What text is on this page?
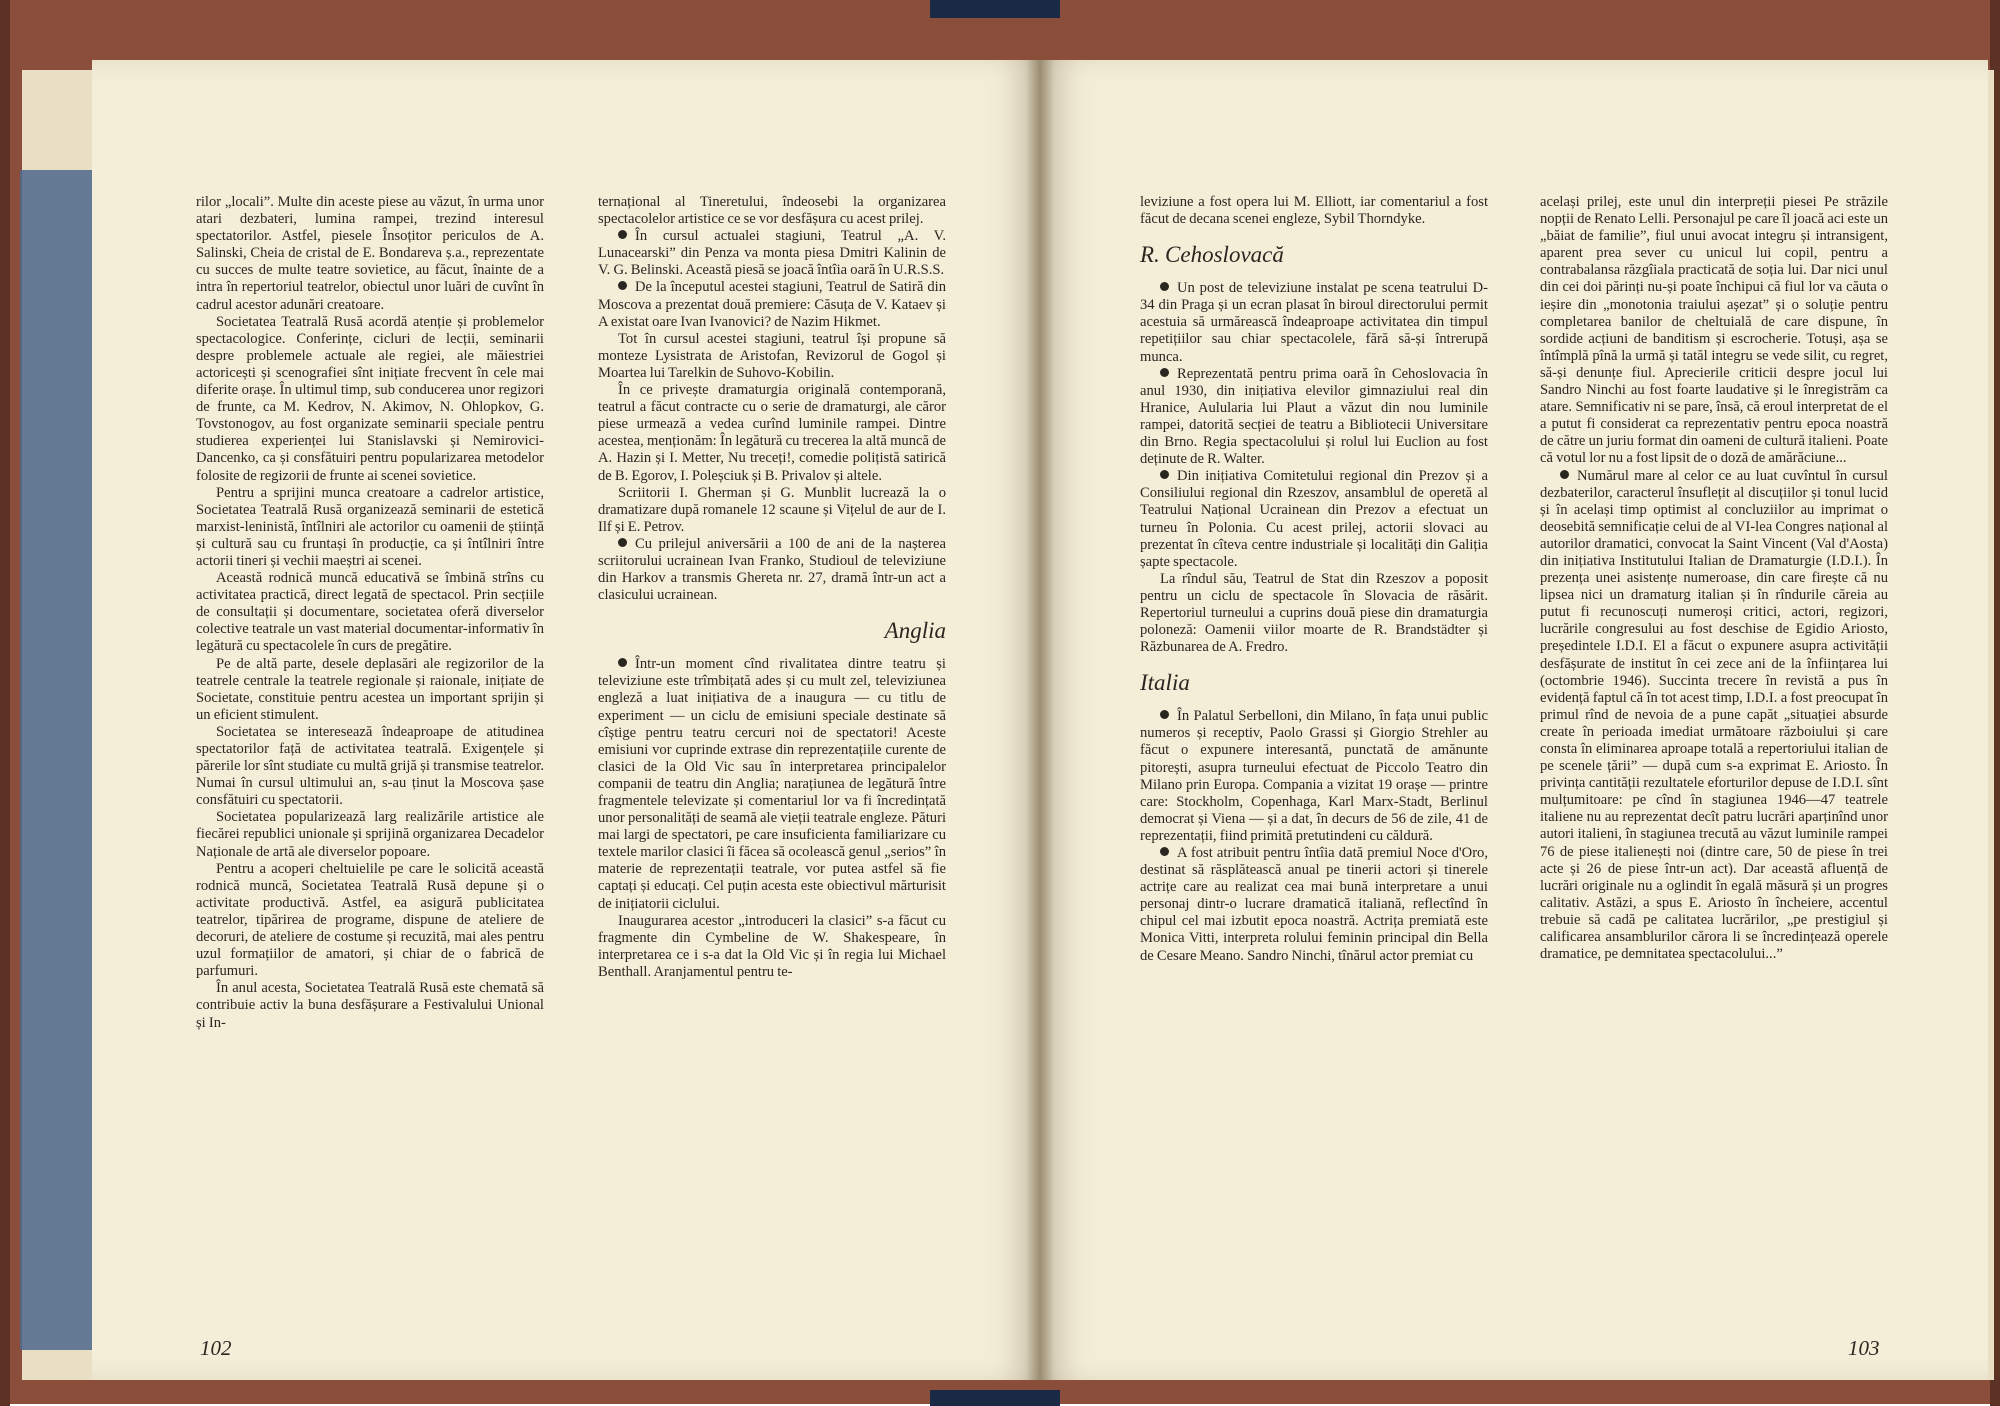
rilor „locali”. Multe din aceste piese au văzut, în urma unor atari dezbateri, lumina rampei, trezind interesul spectatorilor. Astfel, piesele Însoțitor periculos de A. Salinski, Cheia de cristal de E. Bondareva ș.a., reprezentate cu succes de multe teatre sovietice, au făcut, înainte de a intra în repertoriul teatrelor, obiectul unor luări de cuvînt în cadrul acestor adunări creatoare.

Societatea Teatrală Rusă acordă atenție și problemelor spectacologice. Conferințe, cicluri de lecții, seminarii despre problemele actuale ale regiei, ale măiestriei actoricești și scenografiei sînt inițiate frecvent în cele mai diferite orașe. În ultimul timp, sub conducerea unor regizori de frunte, ca M. Kedrov, N. Akimov, N. Ohlopkov, G. Tovstonogov, au fost organizate seminarii speciale pentru studierea experienței lui Stanislavski și Nemirovici-Dancenko, ca și consfătuiri pentru popularizarea metodelor folosite de regizorii de frunte ai scenei sovietice.

Pentru a sprijini munca creatoare a cadrelor artistice, Societatea Teatrală Rusă organizează seminarii de estetică marxist-leninistă, întîlniri ale actorilor cu oamenii de știință și cultură sau cu fruntași în producție, ca și întîlniri între actorii tineri și vechii maeștri ai scenei.

Această rodnică muncă educativă se îmbină strîns cu activitatea practică, direct legată de spectacol. Prin secțiile de consultații și documentare, societatea oferă diverselor colective teatrale un vast material documentar-informativ în legătură cu spectacolele în curs de pregătire.

Pe de altă parte, desele deplasări ale regizorilor de la teatrele centrale la teatrele regionale și raionale, inițiate de Societate, constituie pentru acestea un important sprijin și un eficient stimulent.

Societatea se interesează îndeaproape de atitudinea spectatorilor față de activitatea teatrală. Exigențele și părerile lor sînt studiate cu multă grijă și transmise teatrelor. Numai în cursul ultimului an, s-au ținut la Moscova șase consfătuiri cu spectatorii.

Societatea popularizează larg realizările artistice ale fiecărei republici unionale și sprijină organizarea Decadelor Naționale de artă ale diverselor popoare.

Pentru a acoperi cheltuielile pe care le solicită această rodnică muncă, Societatea Teatrală Rusă depune și o activitate productivă. Astfel, ea asigură publicitatea teatrelor, tipărirea de programe, dispune de ateliere de decoruri, de ateliere de costume și recuzită, mai ales pentru uzul formațiilor de amatori, și chiar de o fabrică de parfumuri.

În anul acesta, Societatea Teatrală Rusă este chemată să contribuie activ la buna desfășurare a Festivalului Unional și In-

ternațional al Tineretului, îndeosebi la organizarea spectacolelor artistice ce se vor desfășura cu acest prilej.

În cursul actualei stagiuni, Teatrul „A. V. Lunacearski” din Penza va monta piesa Dmitri Kalinin de V. G. Belinski. Această piesă se joacă întîia oară în U.R.S.S.

De la începutul acestei stagiuni, Teatrul de Satiră din Moscova a prezentat două premiere: Căsuța de V. Kataev și A existat oare Ivan Ivanovici? de Nazim Hikmet.

Tot în cursul acestei stagiuni, teatrul își propune să monteze Lysistrata de Aristofan, Revizorul de Gogol și Moartea lui Tarelkin de Suhovo-Kobilin.

În ce privește dramaturgia originală contemporană, teatrul a făcut contracte cu o serie de dramaturgi, ale căror piese urmează a vedea curînd luminile rampei. Dintre acestea, menționăm: În legătură cu trecerea la altă muncă de A. Hazin și I. Metter, Nu treceți!, comedie polițistă satirică de B. Egorov, I. Poleșciuk și B. Privalov și altele.

Scriitorii I. Gherman și G. Munblit lucrează la o dramatizare după romanele 12 scaune și Vițelul de aur de I. Ilf și E. Petrov.

Cu prilejul aniversării a 100 de ani de la nașterea scriitorului ucrainean Ivan Franko, Studioul de televiziune din Harkov a transmis Ghereta nr. 27, dramă într-un act a clasicului ucrainean.

Anglia

Într-un moment cînd rivalitatea dintre teatru și televiziune este trîmbițată ades și cu mult zel, televiziunea engleză a luat inițiativa de a inaugura — cu titlu de experiment — un ciclu de emisiuni speciale destinate să cîștige pentru teatru cercuri noi de spectatori! Aceste emisiuni vor cuprinde extrase din reprezentațiile curente de clasici de la Old Vic sau în interpretarea principalelor companii de teatru din Anglia; narațiunea de legătură între fragmentele televizate și comentariul lor va fi încredințată unor personalități de seamă ale vieții teatrale engleze. Pături mai largi de spectatori, pe care insuficienta familiarizare cu textele marilor clasici îi făcea să ocolească genul „serios” în materie de reprezentații teatrale, vor putea astfel să fie captați și educați. Cel puțin acesta este obiectivul mărturisit de inițiatorii ciclului.

Inaugurarea acestor „introduceri la clasici” s-a făcut cu fragmente din Cymbeline de W. Shakespeare, în interpretarea ce i s-a dat la Old Vic și în regia lui Michael Benthall. Aranjamentul pentru te-

102

leviziune a fost opera lui M. Elliott, iar comentariul a fost făcut de decana scenei engleze, Sybil Thorndyke.

R. Cehoslovacă

Un post de televiziune instalat pe scena teatrului D-34 din Praga și un ecran plasat în biroul directorului permit acestuia să urmărească îndeaproape activitatea din timpul repetițiilor sau chiar spectacolele, fără să-și întrerupă munca.

Reprezentată pentru prima oară în Cehoslovacia în anul 1930, din inițiativa elevilor gimnaziului real din Hranice, Aulularia lui Plaut a văzut din nou luminile rampei, datorită secției de teatru a Bibliotecii Universitare din Brno. Regia spectacolului și rolul lui Euclion au fost deținute de R. Walter.

Din inițiativa Comitetului regional din Prezov și a Consiliului regional din Rzeszov, ansamblul de operetă al Teatrului Național Ucrainean din Prezov a efectuat un turneu în Polonia. Cu acest prilej, actorii slovaci au prezentat în cîteva centre industriale și localități din Galiția șapte spectacole.

La rîndul său, Teatrul de Stat din Rzeszov a poposit pentru un ciclu de spectacole în Slovacia de răsărit. Repertoriul turneului a cuprins două piese din dramaturgia poloneză: Oamenii viilor moarte de R. Brandstädter și Răzbunarea de A. Fredro.

Italia

În Palatul Serbelloni, din Milano, în fața unui public numeros și receptiv, Paolo Grassi și Giorgio Strehler au făcut o expunere interesantă, punctată de amănunte pitorești, asupra turneului efectuat de Piccolo Teatro din Milano prin Europa. Compania a vizitat 19 orașe — printre care: Stockholm, Copenhaga, Karl Marx-Stadt, Berlinul democrat și Viena — și a dat, în decurs de 56 de zile, 41 de reprezentații, fiind primită pretutindeni cu căldură.

A fost atribuit pentru întîia dată premiul Noce d'Oro, destinat să răsplătească anual pe tinerii actori și tinerele actrițe care au realizat cea mai bună interpretare a unui personaj dintr-o lucrare dramatică italiană, reflectînd în chipul cel mai izbutit epoca noastră. Actrița premiată este Monica Vitti, interpreta rolului feminin principal din Bella de Cesare Meano. Sandro Ninchi, tînărul actor premiat cu

același prilej, este unul din interpreții piesei Pe străzile nopții de Renato Lelli. Personajul pe care îl joacă aci este un „băiat de familie”, fiul unui avocat integru și intransigent, aparent prea sever cu unicul lui copil, pentru a contrabalansa răzgîiala practicată de soția lui. Dar nici unul din cei doi părinți nu-și poate închipui că fiul lor va căuta o ieșire din „monotonia traiului așezat” și o soluție pentru completarea banilor de cheltuială de care dispune, în sordide acțiuni de banditism și escrocherie. Totuși, așa se întîmplă pînă la urmă și tatăl integru se vede silit, cu regret, să-și denunțe fiul. Aprecierile criticii despre jocul lui Sandro Ninchi au fost foarte laudative și le înregistrăm ca atare. Semnificativ ni se pare, însă, că eroul interpretat de el a putut fi considerat ca reprezentativ pentru epoca noastră de către un juriu format din oameni de cultură italieni. Poate că votul lor nu a fost lipsit de o doză de amărăciune...

Numărul mare al celor ce au luat cuvîntul în cursul dezbaterilor, caracterul însuflețit al discuțiilor și tonul lucid și în același timp optimist al concluziilor au imprimat o deosebită semnificație celui de al VI-lea Congres național al autorilor dramatici, convocat la Saint Vincent (Val d'Aosta) din inițiativa Institutului Italian de Dramaturgie (I.D.I.). În prezența unei asistențe numeroase, din care firește că nu lipsea nici un dramaturg italian și în rîndurile căreia au putut fi recunoscuți numeroși critici, actori, regizori, lucrările congresului au fost deschise de Egidio Ariosto, președintele I.D.I. El a făcut o expunere asupra activității desfășurate de institut în cei zece ani de la înființarea lui (octombrie 1946). Succinta trecere în revistă a pus în evidență faptul că în tot acest timp, I.D.I. a fost preocupat în primul rînd de nevoia de a pune capăt „situației absurde create în perioada imediat următoare războiului și care consta în eliminarea aproape totală a repertoriului italian de pe scenele țării” — după cum s-a exprimat E. Ariosto. În privința cantității rezultatele eforturilor depuse de I.D.I. sînt mulțumitoare: pe cînd în stagiunea 1946—47 teatrele italiene nu au reprezentat decît patru lucrări aparținînd unor autori italieni, în stagiunea trecută au văzut luminile rampei 76 de piese italienești noi (dintre care, 50 de piese în trei acte și 26 de piese într-un act). Dar această afluență de lucrări originale nu a oglindit în egală măsură și un progres calitativ. Astăzi, a spus E. Ariosto în încheiere, accentul trebuie să cadă pe calitatea lucrărilor, „pe prestigiul și calificarea ansamblurilor cărora li se încredințează operele dramatice, pe demnitatea spectacolului...”

103
